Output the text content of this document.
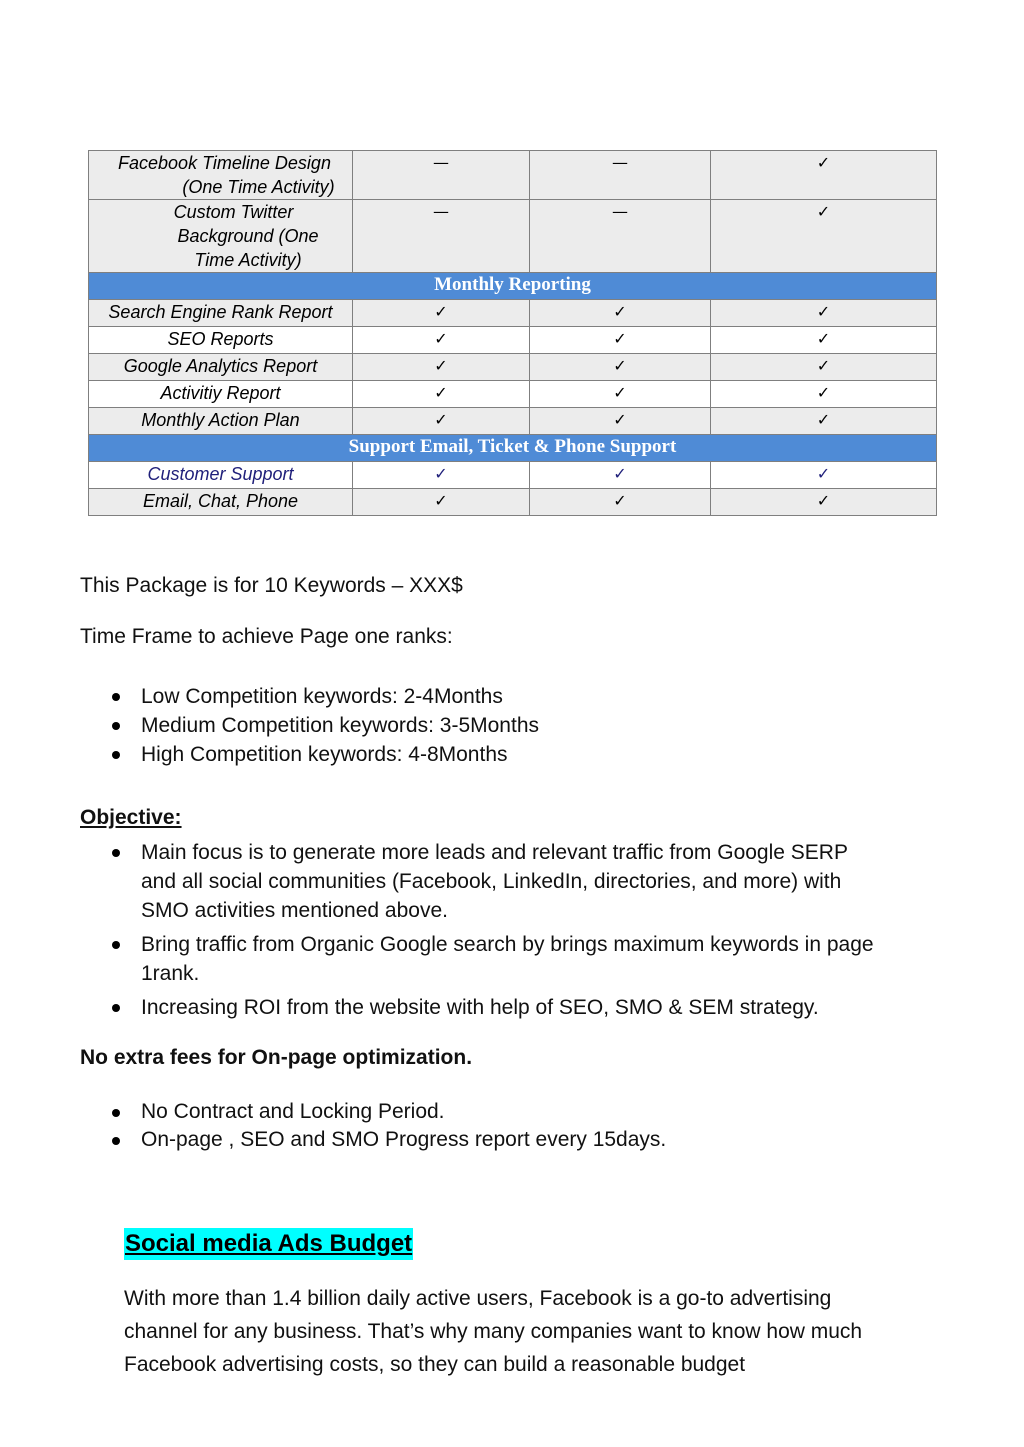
Facebook Timeline Design
(One Time Activity)	—	—	✓

Custom Twitter
Background (One
Time Activity)	—	—	✓
Monthly Reporting			
Search Engine Rank Report	✓	✓	✓
SEO Reports	✓	✓	✓
Google Analytics Report	✓	✓	✓
Activitiy Report	✓	✓	✓
Monthly Action Plan	✓	✓	✓
Support Email, Ticket & Phone Support			
Customer Support	✓	✓	✓
Email, Chat, Phone	✓	✓	✓
This Package is for 10 Keywords – XXX$
Time Frame to achieve Page one ranks:
Low Competition keywords: 2-4Months
Medium Competition keywords: 3-5Months
High Competition keywords: 4-8Months
Objective:
Main focus is to generate more leads and relevant traffic from Google SERP
and all social communities (Facebook, LinkedIn, directories, and more) with
SMO activities mentioned above.
Bring traffic from Organic Google search by brings maximum keywords in page
1rank.
Increasing ROI from the website with help of SEO, SMO & SEM strategy.
No extra fees for On-page optimization.
No Contract and Locking Period.
On-page , SEO and SMO Progress report every 15days.
Social media Ads Budget
With more than 1.4 billion daily active users, Facebook is a go-to advertising
channel for any business. That’s why many companies want to know how much
Facebook advertising costs, so they can build a reasonable budget
